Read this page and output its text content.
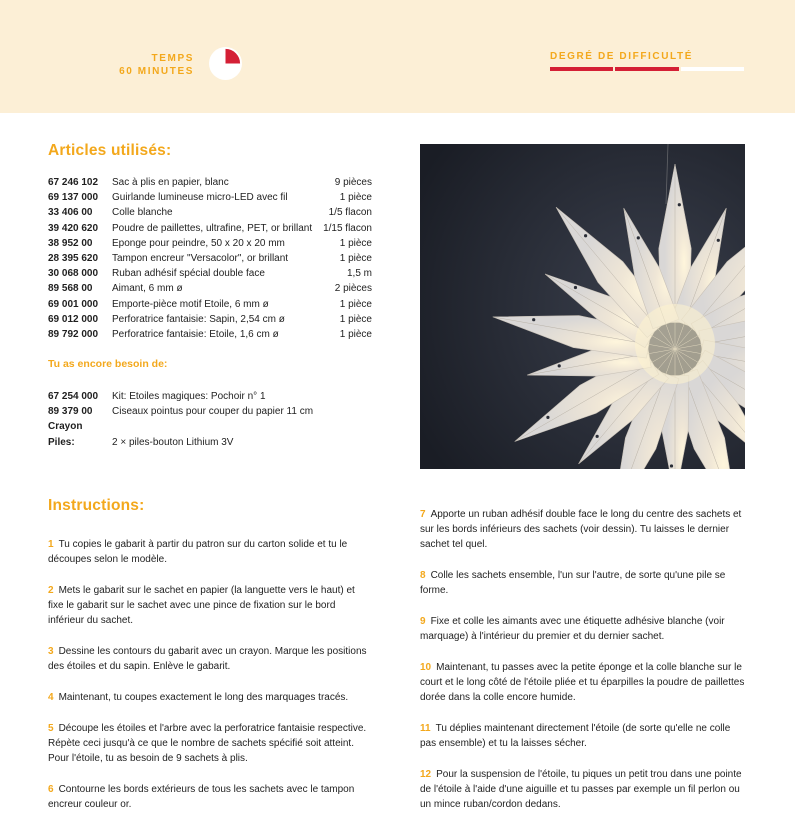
TEMPS
60 MINUTES
DEGRÉ DE DIFFICULTÉ
Articles utilisés:
67 246 102	Sac à plis en papier, blanc	9 pièces
69 137 000	Guirlande lumineuse micro-LED avec fil	1 pièce
33 406 00	Colle blanche	1/5 flacon
39 420 620	Poudre de paillettes, ultrafine, PET, or brillant	1/15 flacon
38 952 00	Eponge pour peindre, 50 x 20 x 20 mm	1 pièce
28 395 620	Tampon encreur "Versacolor", or brillant	1 pièce
30 068 000	Ruban adhésif spécial double face	1,5 m
89 568 00	Aimant, 6 mm ø	2 pièces
69 001 000	Emporte-pièce motif Etoile, 6 mm ø	1 pièce
69 012 000	Perforatrice fantaisie: Sapin, 2,54 cm ø	1 pièce
89 792 000	Perforatrice fantaisie: Etoile, 1,6 cm ø	1 pièce
Tu as encore besoin de:
67 254 000	Kit: Etoiles magiques: Pochoir n° 1
89 379 00	Ciseaux pointus pour couper du papier 11 cm
Crayon
Piles:	2 × piles-bouton Lithium 3V
Instructions:
1 Tu copies le gabarit à partir du patron sur du carton solide et tu le découpes selon le modèle.
2 Mets le gabarit sur le sachet en papier (la languette vers le haut) et fixe le gabarit sur le sachet avec une pince de fixation sur le bord inférieur du sachet.
3 Dessine les contours du gabarit avec un crayon. Marque les positions des étoiles et du sapin. Enlève le gabarit.
4 Maintenant, tu coupes exactement le long des marquages tracés.
5 Découpe les étoiles et l'arbre avec la perforatrice fantaisie respective. Répète ceci jusqu'à ce que le nombre de sachets spécifié soit atteint. Pour l'étoile, tu as besoin de 9 sachets à plis.
6 Contourne les bords extérieurs de tous les sachets avec le tampon encreur couleur or.
7 Apporte un ruban adhésif double face le long du centre des sachets et sur les bords inférieurs des sachets (voir dessin). Tu laisses le dernier sachet tel quel.
8 Colle les sachets ensemble, l'un sur l'autre, de sorte qu'une pile se forme.
9 Fixe et colle les aimants avec une étiquette adhésive blanche (voir marquage) à l'intérieur du premier et du dernier sachet.
10 Maintenant, tu passes avec la petite éponge et la colle blanche sur le court et le long côté de l'étoile pliée et tu éparpilles la poudre de paillettes dorée dans la colle encore humide.
11 Tu déplies maintenant directement l'étoile (de sorte qu'elle ne colle pas ensemble) et tu la laisses sécher.
12 Pour la suspension de l'étoile, tu piques un petit trou dans une pointe de l'étoile à l'aide d'une aiguille et tu passes par exemple un fil perlon ou un mince ruban/cordon dedans.
